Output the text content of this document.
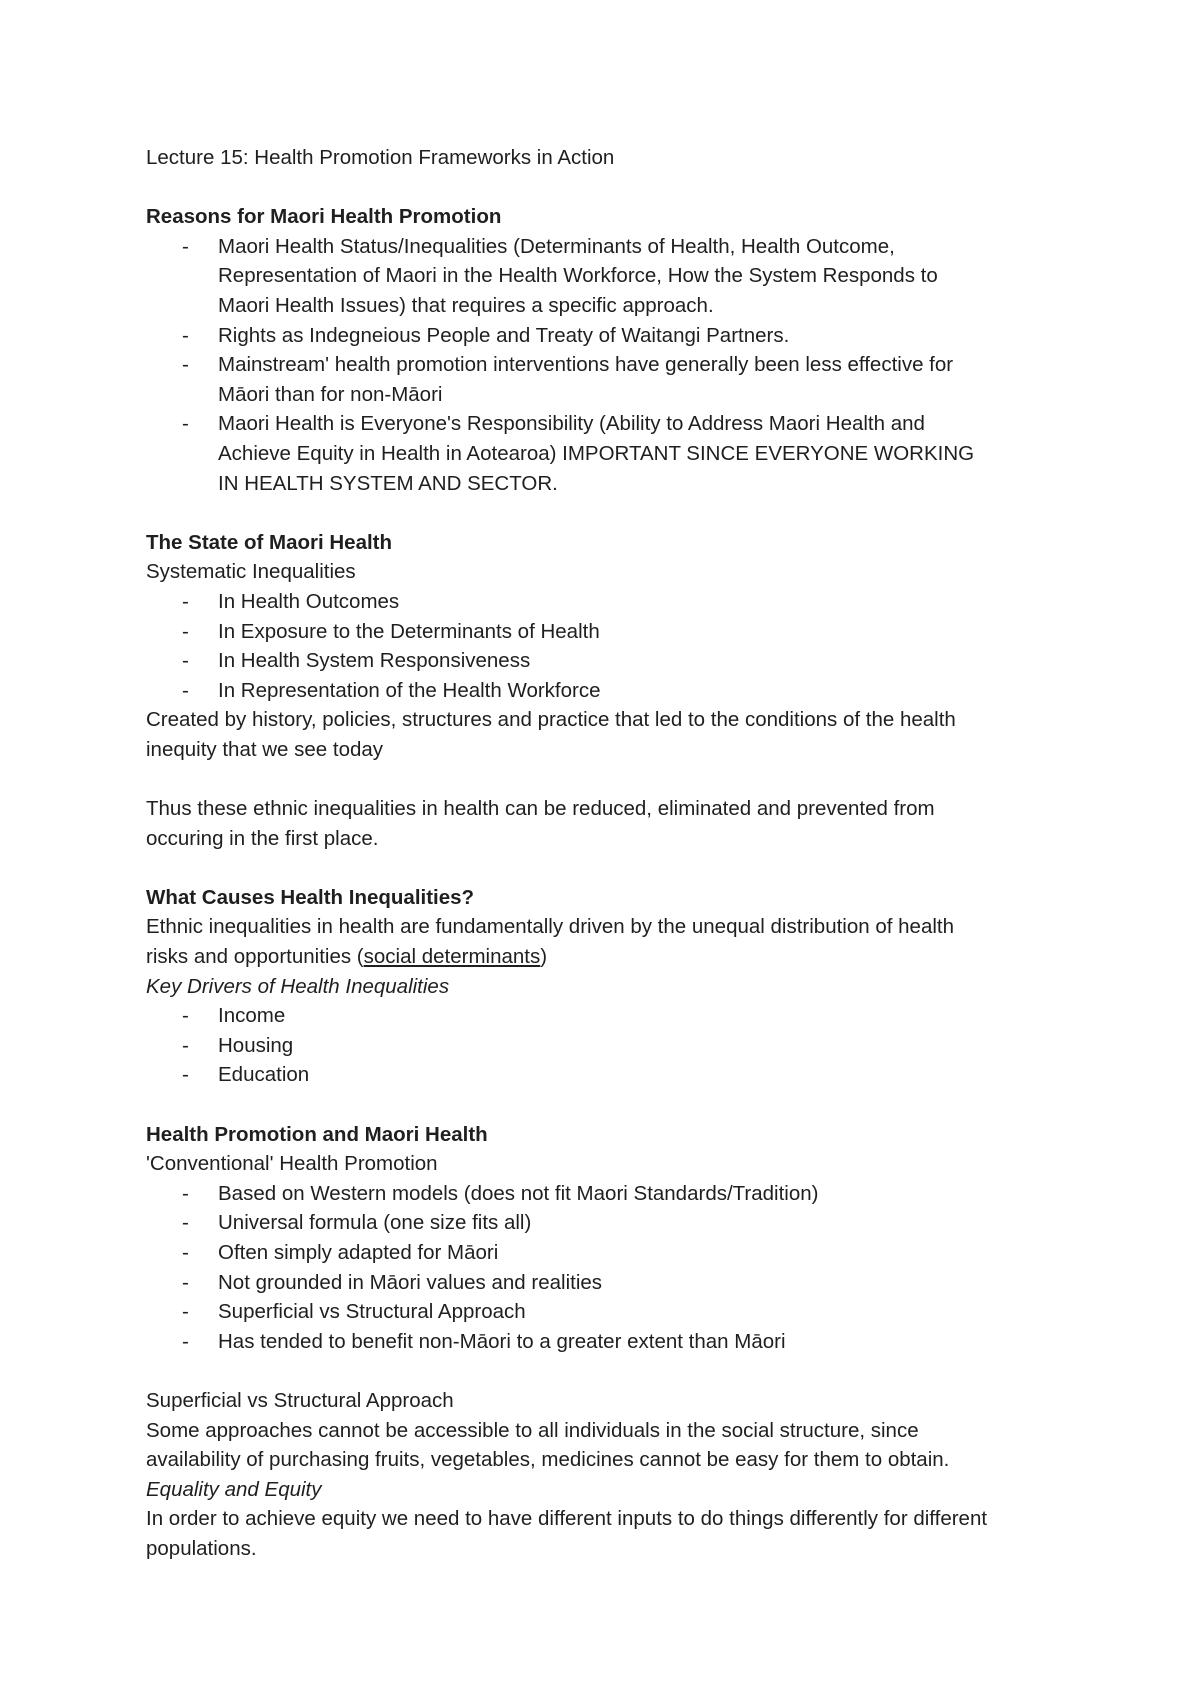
Lecture 15: Health Promotion Frameworks in Action
Reasons for Maori Health Promotion
- Maori Health Status/Inequalities (Determinants of Health, Health Outcome,
Representation of Maori in the Health Workforce, How the System Responds to
Maori Health Issues) that requires a specific approach.
- Rights as Indegneious People and Treaty of Waitangi Partners.
- Mainstream' health promotion interventions have generally been less effective for
Māori than for non-Māori
- Maori Health is Everyone's Responsibility (Ability to Address Maori Health and
Achieve Equity in Health in Aotearoa) IMPORTANT SINCE EVERYONE WORKING
IN HEALTH SYSTEM AND SECTOR.
The State of Maori Health
Systematic Inequalities
- In Health Outcomes
- In Exposure to the Determinants of Health
- In Health System Responsiveness
- In Representation of the Health Workforce
Created by history, policies, structures and practice that led to the conditions of the health
inequity that we see today
Thus these ethnic inequalities in health can be reduced, eliminated and prevented from
occuring in the first place.
What Causes Health Inequalities?
Ethnic inequalities in health are fundamentally driven by the unequal distribution of health
risks and opportunities (social determinants)
Key Drivers of Health Inequalities
- Income
- Housing
- Education
Health Promotion and Maori Health
'Conventional' Health Promotion
- Based on Western models (does not fit Maori Standards/Tradition)
- Universal formula (one size fits all)
- Often simply adapted for Māori
- Not grounded in Māori values and realities
- Superficial vs Structural Approach
- Has tended to benefit non-Māori to a greater extent than Māori
Superficial vs Structural Approach
Some approaches cannot be accessible to all individuals in the social structure, since
availability of purchasing fruits, vegetables, medicines cannot be easy for them to obtain.
Equality and Equity
In order to achieve equity we need to have different inputs to do things differently for different
populations.
